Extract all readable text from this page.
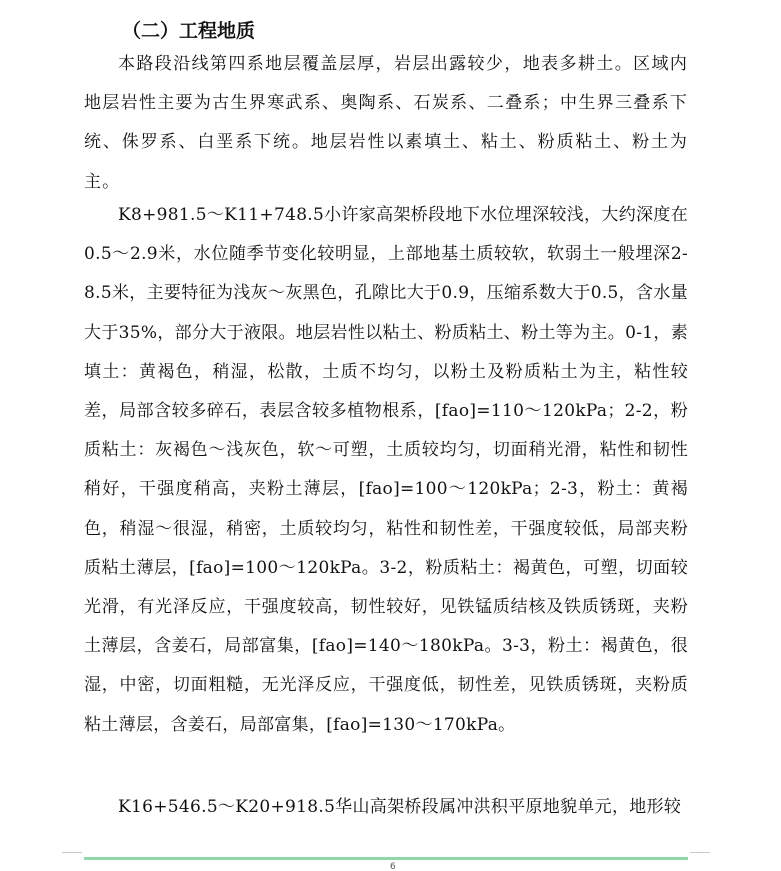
（二）工程地质

本路段沿线第四系地层覆盖层厚，岩层出露较少，地表多耕土。区域内地层岩性主要为古生界寒武系、奥陶系、石炭系、二叠系；中生界三叠系下统、侏罗系、白垩系下统。地层岩性以素填土、粘土、粉质粘土、粉土为主。

K8+981.5～K11+748.5小许家高架桥段地下水位埋深较浅，大约深度在0.5～2.9米，水位随季节变化较明显，上部地基土质较软，软弱土一般埋深2-8.5米，主要特征为浅灰～灰黑色，孔隙比大于0.9，压缩系数大于0.5，含水量大于35%，部分大于液限。地层岩性以粘土、粉质粘土、粉土等为主。0-1，素填土：黄褐色，稍湿，松散，土质不均匀，以粉土及粉质粘土为主，粘性较差，局部含较多碎石，表层含较多植物根系，[fao]=110～120kPa；2-2，粉质粘土：灰褐色～浅灰色，软～可塑，土质较均匀，切面稍光滑，粘性和韧性稍好，干强度稍高，夹粉土薄层，[fao]=100～120kPa；2-3，粉土：黄褐色，稍湿～很湿，稍密，土质较均匀，粘性和韧性差，干强度较低，局部夹粉质粘土薄层，[fao]=100～120kPa。3-2，粉质粘土：褐黄色，可塑，切面较光滑，有光泽反应，干强度较高，韧性较好，见铁锰质结核及铁质锈斑，夹粉土薄层，含姜石，局部富集，[fao]=140～180kPa。3-3，粉土：褐黄色，很湿，中密，切面粗糙，无光泽反应，干强度低，韧性差，见铁质锈斑，夹粉质粘土薄层，含姜石，局部富集，[fao]=130～170kPa。

K16+546.5～K20+918.5华山高架桥段属冲洪积平原地貌单元，地形较

6
